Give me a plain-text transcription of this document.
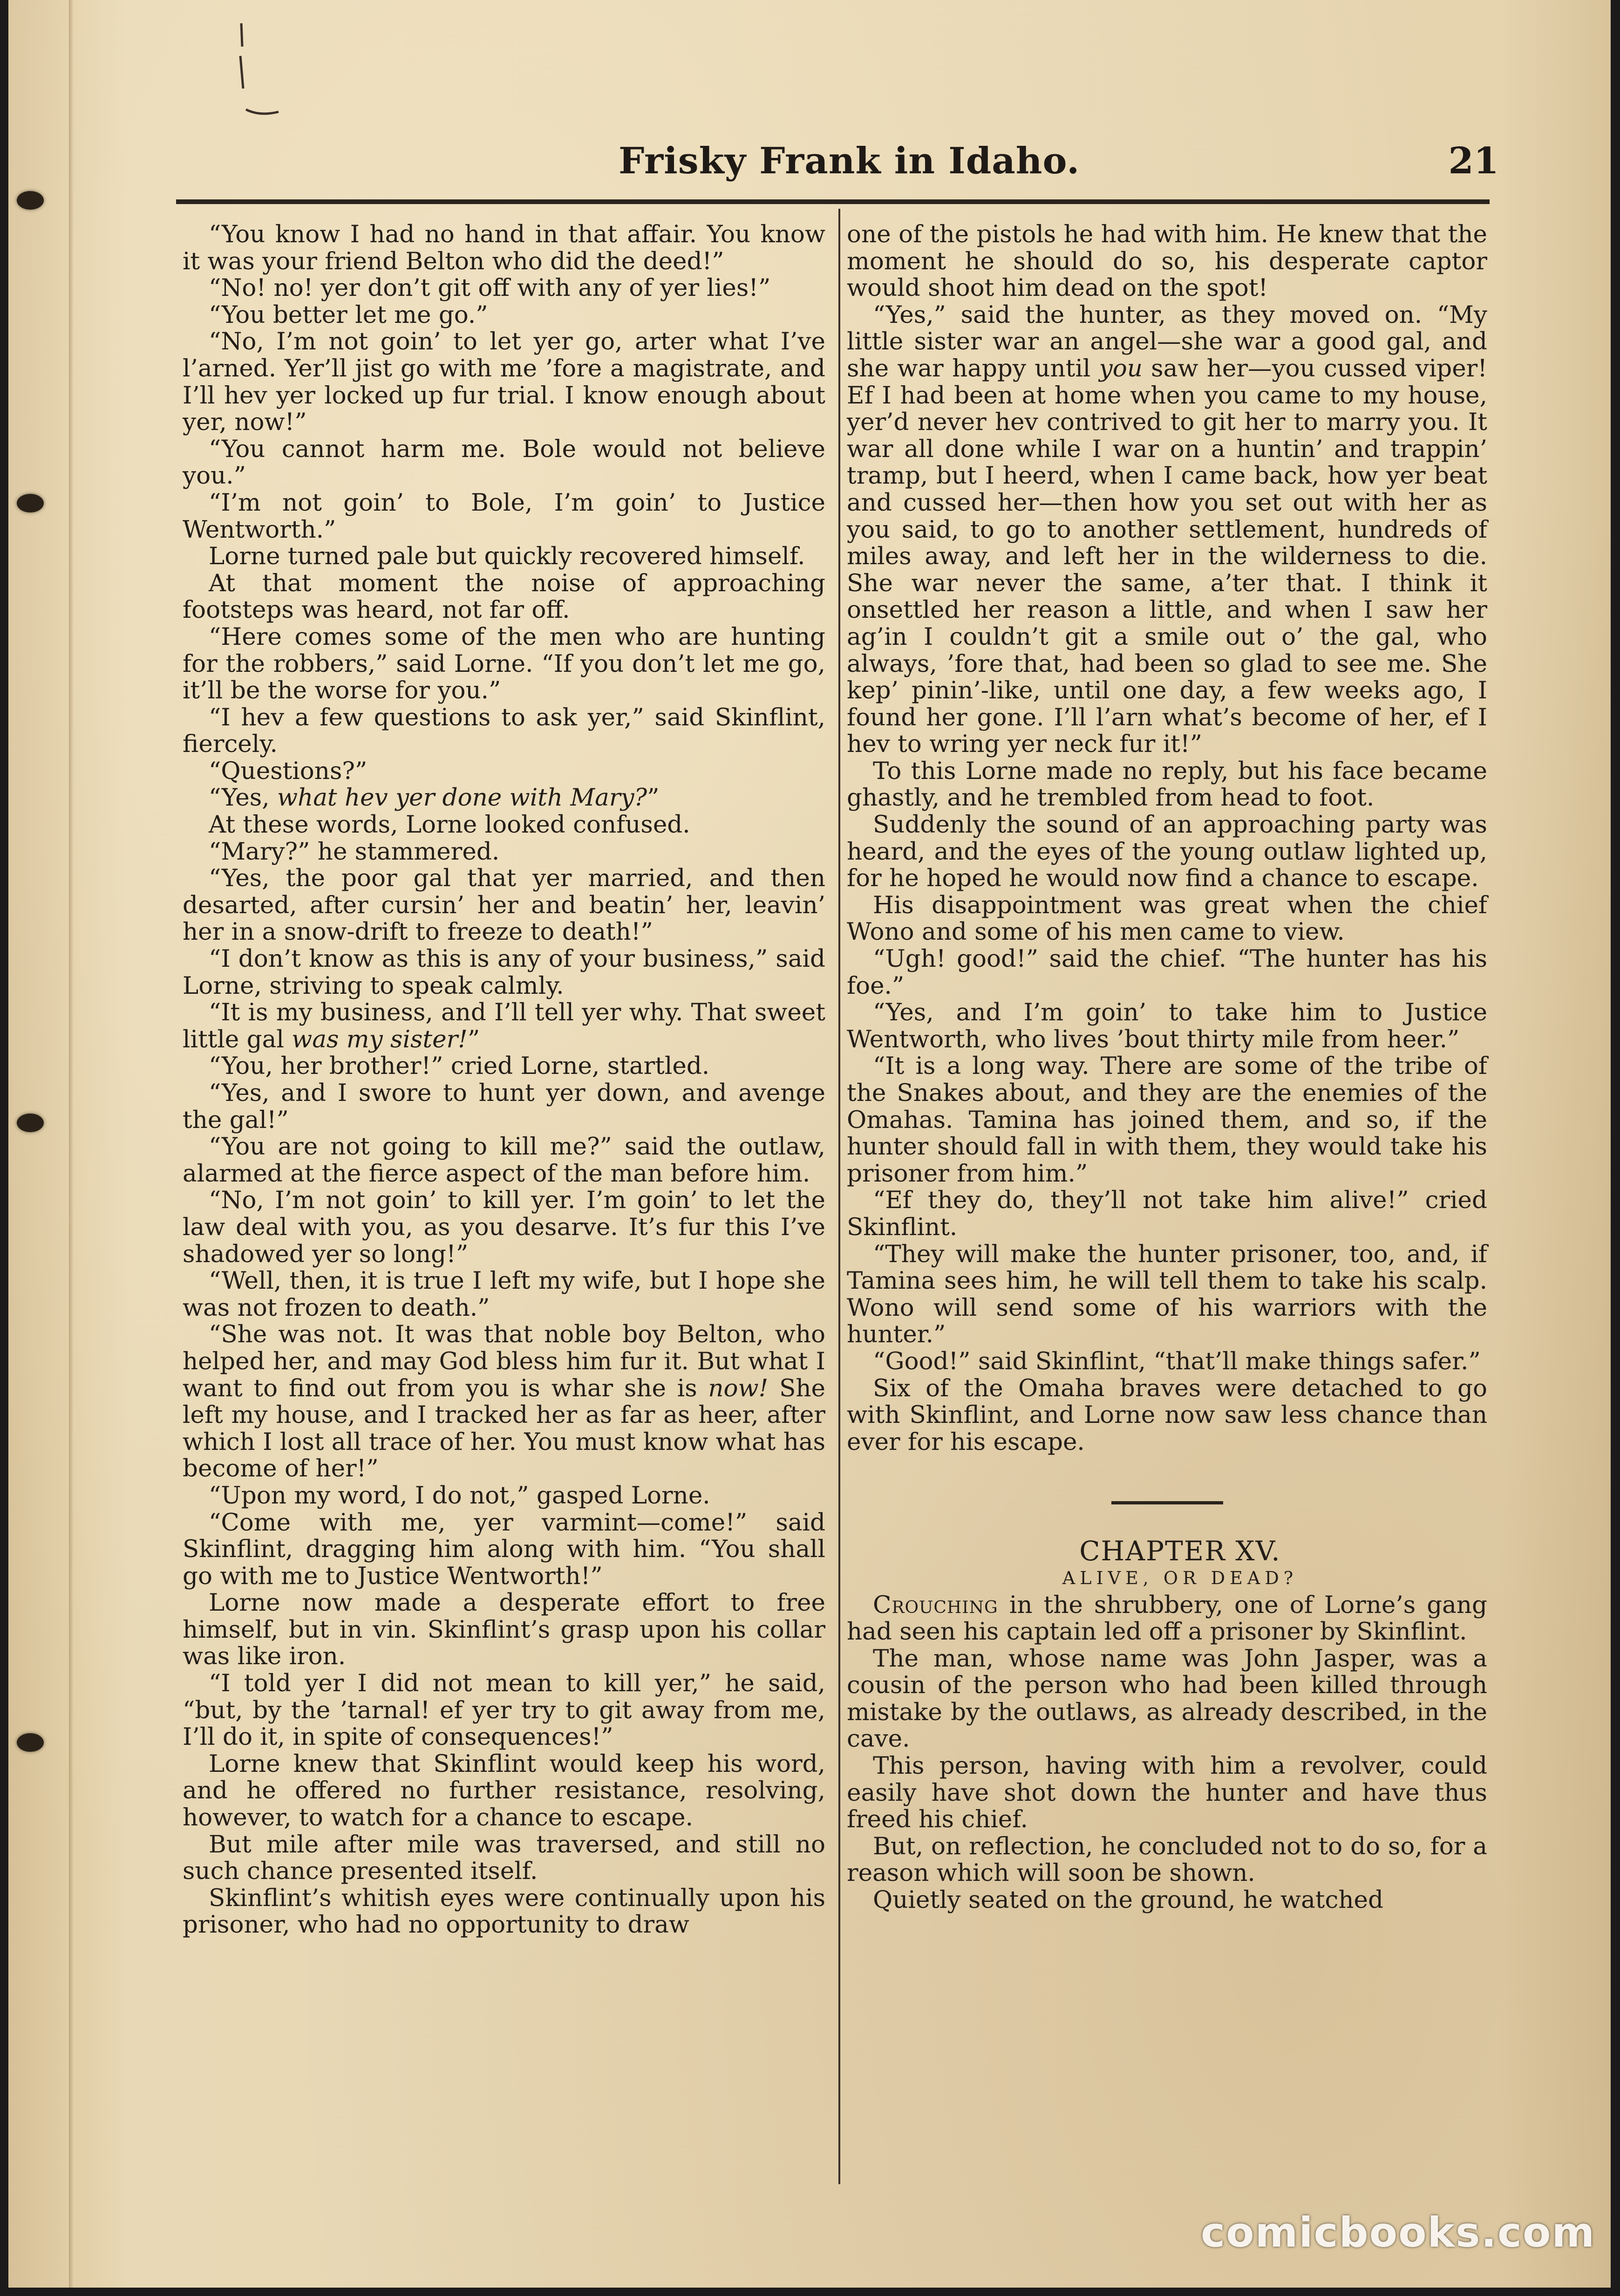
Frisky Frank in Idaho.	21

“You know I had no hand in that affair. You know it was your friend Belton who did the deed!”

“No! no! yer don’t git off with any of yer lies!”

“You better let me go.”

“No, I’m not goin’ to let yer go, arter what I’ve l’arned. Yer’ll jist go with me ’fore a magistrate, and I’ll hev yer locked up fur trial. I know enough about yer, now!”

“You cannot harm me. Bole would not believe you.”

“I’m not goin’ to Bole, I’m goin’ to Justice Wentworth.”

Lorne turned pale but quickly recovered himself.

At that moment the noise of approaching footsteps was heard, not far off.

“Here comes some of the men who are hunting for the robbers,” said Lorne. “If you don’t let me go, it’ll be the worse for you.”

“I hev a few questions to ask yer,” said Skinflint, fiercely.

“Questions?”

“Yes, what hev yer done with Mary?”

At these words, Lorne looked confused.

“Mary?” he stammered.

“Yes, the poor gal that yer married, and then desarted, after cursin’ her and beatin’ her, leavin’ her in a snow-drift to freeze to death!”

“I don’t know as this is any of your business,” said Lorne, striving to speak calmly.

“It is my business, and I’ll tell yer why. That sweet little gal was my sister!”

“You, her brother!” cried Lorne, startled.

“Yes, and I swore to hunt yer down, and avenge the gal!”

“You are not going to kill me?” said the outlaw, alarmed at the fierce aspect of the man before him.

“No, I’m not goin’ to kill yer. I’m goin’ to let the law deal with you, as you desarve. It’s fur this I’ve shadowed yer so long!”

“Well, then, it is true I left my wife, but I hope she was not frozen to death.”

“She was not. It was that noble boy Belton, who helped her, and may God bless him fur it. But what I want to find out from you is whar she is now! She left my house, and I tracked her as far as heer, after which I lost all trace of her. You must know what has become of her!”

“Upon my word, I do not,” gasped Lorne.

“Come with me, yer varmint—come!” said Skinflint, dragging him along with him. “You shall go with me to Justice Wentworth!”

Lorne now made a desperate effort to free himself, but in vin. Skinflint’s grasp upon his collar was like iron.

“I told yer I did not mean to kill yer,” he said, “but, by the ’tarnal! ef yer try to git away from me, I’ll do it, in spite of consequences!”

Lorne knew that Skinflint would keep his word, and he offered no further resistance, resolving, however, to watch for a chance to escape.

But mile after mile was traversed, and still no such chance presented itself.

Skinflint’s whitish eyes were continually upon his prisoner, who had no opportunity to draw

one of the pistols he had with him. He knew that the moment he should do so, his desperate captor would shoot him dead on the spot!

“Yes,” said the hunter, as they moved on. “My little sister war an angel—she war a good gal, and she war happy until you saw her—you cussed viper! Ef I had been at home when you came to my house, yer’d never hev contrived to git her to marry you. It war all done while I war on a huntin’ and trappin’ tramp, but I heerd, when I came back, how yer beat and cussed her—then how you set out with her as you said, to go to another settlement, hundreds of miles away, and left her in the wilderness to die. She war never the same, a’ter that. I think it onsettled her reason a little, and when I saw her ag’in I couldn’t git a smile out o’ the gal, who always, ’fore that, had been so glad to see me. She kep’ pinin’-like, until one day, a few weeks ago, I found her gone. I’ll l’arn what’s become of her, ef I hev to wring yer neck fur it!”

To this Lorne made no reply, but his face became ghastly, and he trembled from head to foot.

Suddenly the sound of an approaching party was heard, and the eyes of the young outlaw lighted up, for he hoped he would now find a chance to escape.

His disappointment was great when the chief Wono and some of his men came to view.

“Ugh! good!” said the chief. “The hunter has his foe.”

“Yes, and I’m goin’ to take him to Justice Wentworth, who lives ’bout thirty mile from heer.”

“It is a long way. There are some of the tribe of the Snakes about, and they are the enemies of the Omahas. Tamina has joined them, and so, if the hunter should fall in with them, they would take his prisoner from him.”

“Ef they do, they’ll not take him alive!” cried Skinflint.

“They will make the hunter prisoner, too, and, if Tamina sees him, he will tell them to take his scalp. Wono will send some of his warriors with the hunter.”

“Good!” said Skinflint, “that’ll make things safer.”

Six of the Omaha braves were detached to go with Skinflint, and Lorne now saw less chance than ever for his escape.

CHAPTER XV.

ALIVE, OR DEAD?

Crouching in the shrubbery, one of Lorne’s gang had seen his captain led off a prisoner by Skinflint.

The man, whose name was John Jasper, was a cousin of the person who had been killed through mistake by the outlaws, as already described, in the cave.

This person, having with him a revolver, could easily have shot down the hunter and have thus freed his chief.

But, on reflection, he concluded not to do so, for a reason which will soon be shown.

Quietly seated on the ground, he watched

comicbooks.com
